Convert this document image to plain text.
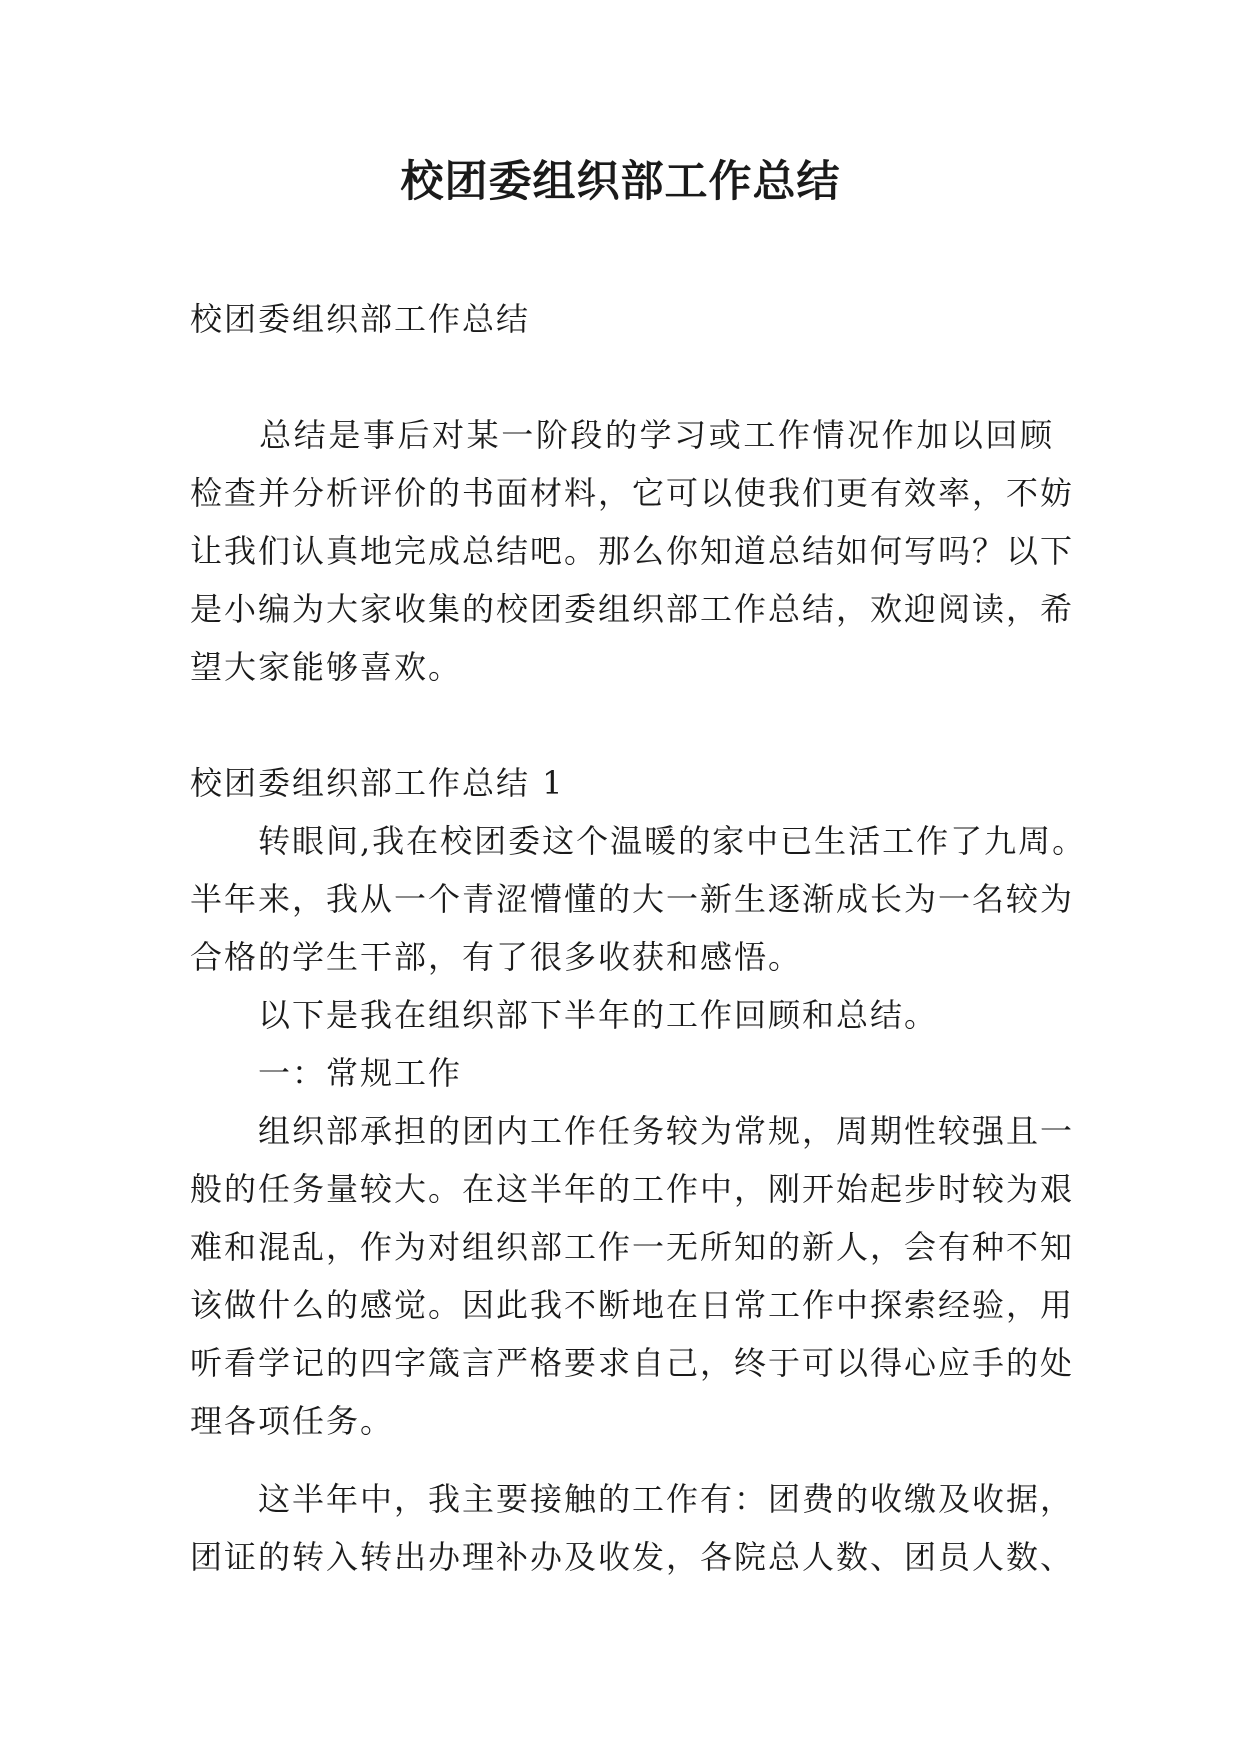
校团委组织部工作总结
校团委组织部工作总结
　　总结是事后对某一阶段的学习或工作情况作加以回顾
检查并分析评价的书面材料，它可以使我们更有效率，不妨
让我们认真地完成总结吧。那么你知道总结如何写吗？以下
是小编为大家收集的校团委组织部工作总结，欢迎阅读，希
望大家能够喜欢。
校团委组织部工作总结 1
　　转眼间,我在校团委这个温暖的家中已生活工作了九周。
半年来，我从一个青涩懵懂的大一新生逐渐成长为一名较为
合格的学生干部，有了很多收获和感悟。
　　以下是我在组织部下半年的工作回顾和总结。
　　一：常规工作
　　组织部承担的团内工作任务较为常规，周期性较强且一
般的任务量较大。在这半年的工作中，刚开始起步时较为艰
难和混乱，作为对组织部工作一无所知的新人，会有种不知
该做什么的感觉。因此我不断地在日常工作中探索经验，用
听看学记的四字箴言严格要求自己，终于可以得心应手的处
理各项任务。
　　这半年中，我主要接触的工作有：团费的收缴及收据，
团证的转入转出办理补办及收发，各院总人数、团员人数、
